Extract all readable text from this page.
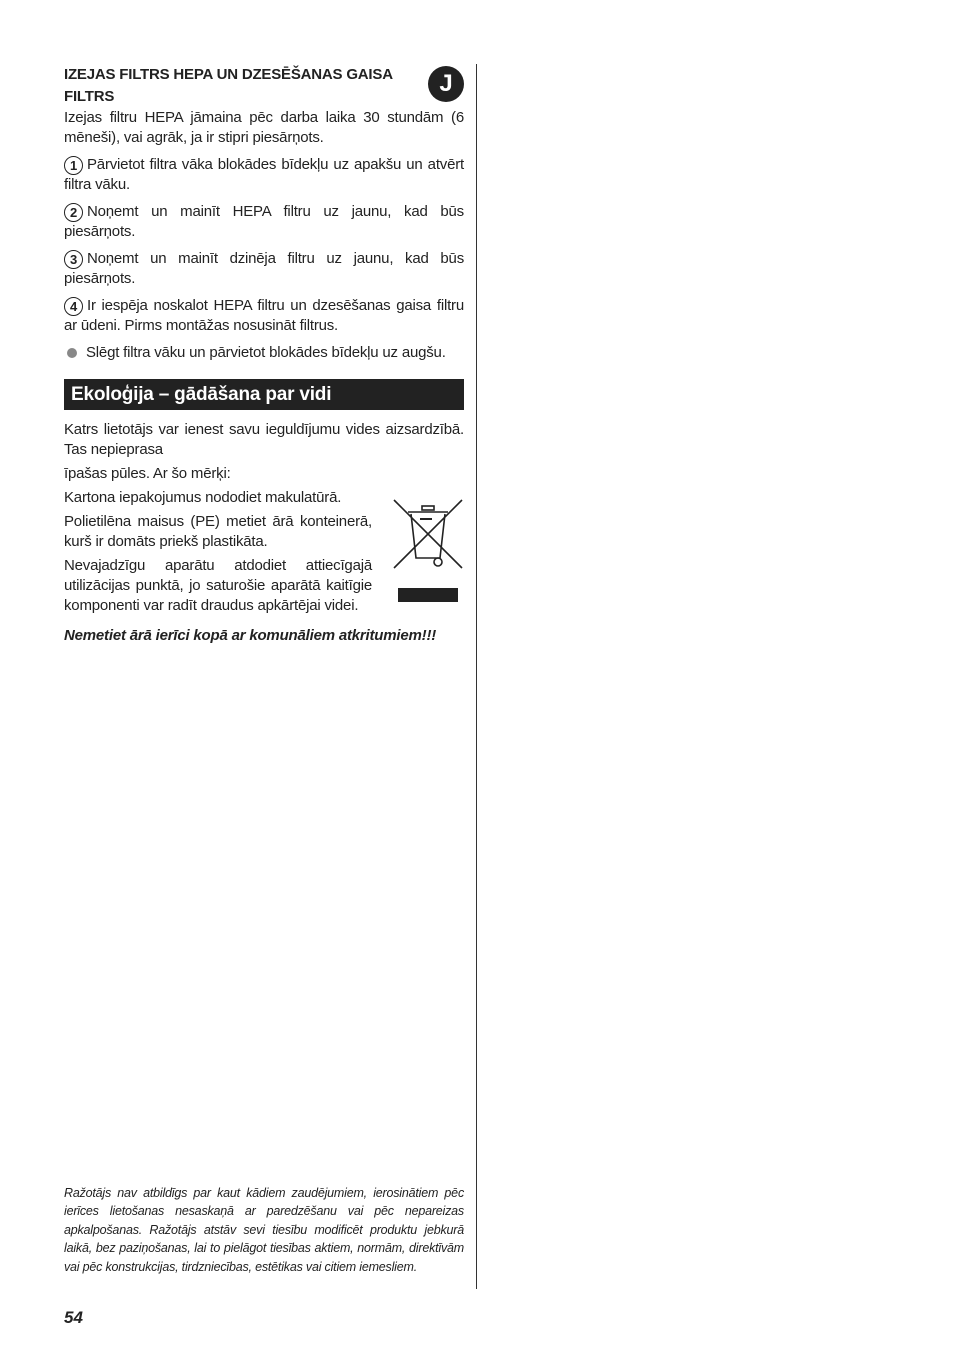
IZEJAS FILTRS HEPA UN DZESĒŠANAS GAISA FILTRS	J

Izejas filtru HEPA jāmaina pēc darba laika 30 stundām (6 mēneši), vai agrāk, ja ir stipri piesārņots.

1 Pārvietot filtra vāka blokādes bīdekļu uz apakšu un atvērt filtra vāku.

2 Noņemt un mainīt HEPA filtru uz jaunu, kad būs piesārņots.

3 Noņemt un mainīt dzinēja filtru uz jaunu, kad būs piesārņots.

4 Ir iespēja noskalot HEPA filtru un dzesēšanas gaisa filtru ar ūdeni. Pirms montāžas nosusināt filtrus.

Slēgt filtra vāku un pārvietot blokādes bīdekļu uz augšu.

Ekoloģija – gādāšana par vidi

Katrs lietotājs var ienest savu ieguldījumu vides aizsardzībā. Tas nepieprasa

īpašas pūles. Ar šo mērķi:

Kartona iepakojumus nododiet makulatūrā.

Polietilēna maisus (PE) metiet ārā konteinerā, kurš ir domāts priekš plastikāta.

Nevajadzīgu aparātu atdodiet attiecīgajā utilizācijas punktā, jo saturošie aparātā kaitīgie komponenti var radīt draudus apkārtējai videi.

Nemetiet ārā ierīci kopā ar komunāliem atkritumiem!!!

Ražotājs nav atbildīgs par kaut kādiem zaudējumiem, ierosinātiem pēc ierīces lietošanas nesaskaņā ar paredzēšanu vai pēc nepareizas apkalpošanas. Ražotājs atstāv sevi tiesību modificēt produktu jebkurā laikā, bez paziņošanas, lai to pielāgot tiesības aktiem, normām, direktīvām vai pēc konstrukcijas, tirdzniecības, estētikas vai citiem iemesliem.

54
